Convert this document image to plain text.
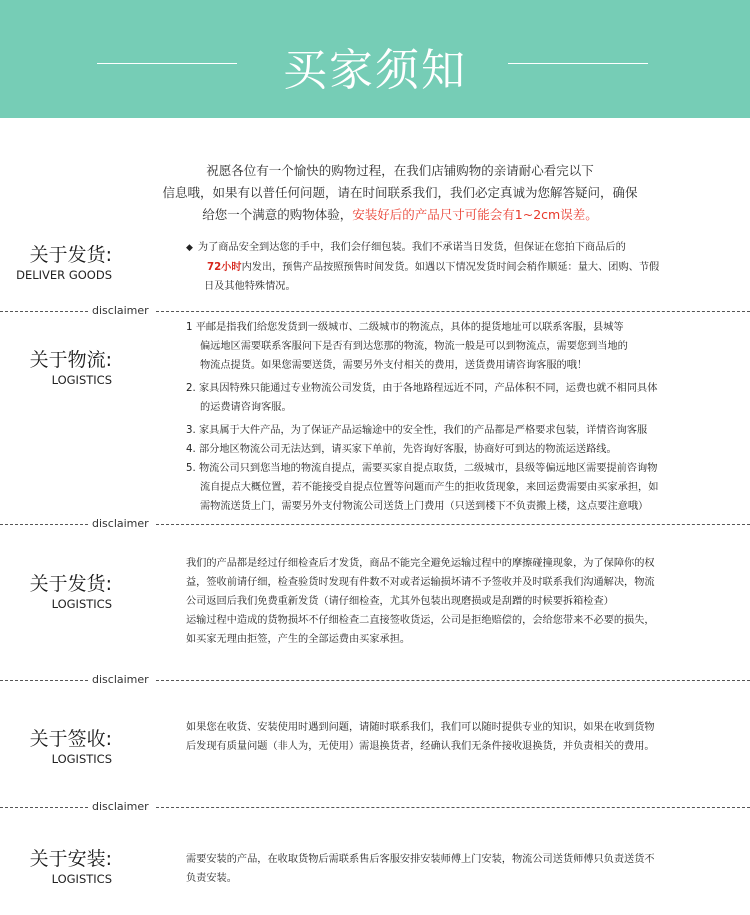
买家须知

祝愿各位有一个愉快的购物过程，在我们店铺购物的亲请耐心看完以下

信息哦，如果有以普任何问题，请在时间联系我们，我们必定真诚为您解答疑问，确保

给您一个满意的购物体验，安装好后的产品尺寸可能会有1~2cm误差。

关于发货:
DELIVER GOODS

◆ 为了商品安全到达您的手中，我们会仔细包装。我们不承诺当日发货，但保证在您拍下商品后的

72小时内发出，预售产品按照预售时间发货。如遇以下情况发货时间会稍作顺延：量大、团购、节假

日及其他特殊情况。

disclaimer
关于物流:
LOGISTICS

1 平邮是指我们给您发货到一级城市、二级城市的物流点，具体的提货地址可以联系客服，县城等

偏远地区需要联系客服问下是否有到达您那的物流，物流一般是可以到物流点，需要您到当地的

物流点提货。如果您需要送货，需要另外支付相关的费用，送货费用请咨询客服的哦！

2. 家具因特殊只能通过专业物流公司发货，由于各地路程远近不同，产品体积不同，运费也就不相同具体

的运费请咨询客服。

3. 家具属于大件产品，为了保证产品运输途中的安全性，我们的产品都是严格要求包装，详情咨询客服

4. 部分地区物流公司无法达到，请买家下单前，先咨询好客服，协商好可到达的物流运送路线。

5. 物流公司只到您当地的物流自提点，需要买家自提点取货，二级城市，县级等偏远地区需要提前咨询物

流自提点大概位置，若不能接受自提点位置等问题而产生的拒收货现象，来回运费需要由买家承担，如

需物流送货上门，需要另外支付物流公司送货上门费用（只送到楼下不负责搬上楼，这点要注意哦）

disclaimer
关于发货:
LOGISTICS

我们的产品都是经过仔细检查后才发货，商品不能完全避免运输过程中的摩擦碰撞现象，为了保障你的权

益，签收前请仔细，检查验货时发现有件数不对或者运输损坏请不予签收并及时联系我们沟通解决，物流

公司返回后我们免费重新发货（请仔细检查，尤其外包装出现磨损或是刮蹭的时候要拆箱检查）

运输过程中造成的货物损坏不仔细检查二直接签收货运，公司是拒绝赔偿的，会给您带来不必要的损失，

如买家无理由拒签，产生的全部运费由买家承担。

disclaimer
关于签收:
LOGISTICS

如果您在收货、安装使用时遇到问题，请随时联系我们，我们可以随时提供专业的知识，如果在收到货物

后发现有质量问题（非人为，无使用）需退换货者，经确认我们无条件接收退换货，并负责相关的费用。

disclaimer
关于安装:
LOGISTICS

需要安装的产品，在收取货物后需联系售后客服安排安装师傅上门安装，物流公司送货师傅只负责送货不

负责安装。
